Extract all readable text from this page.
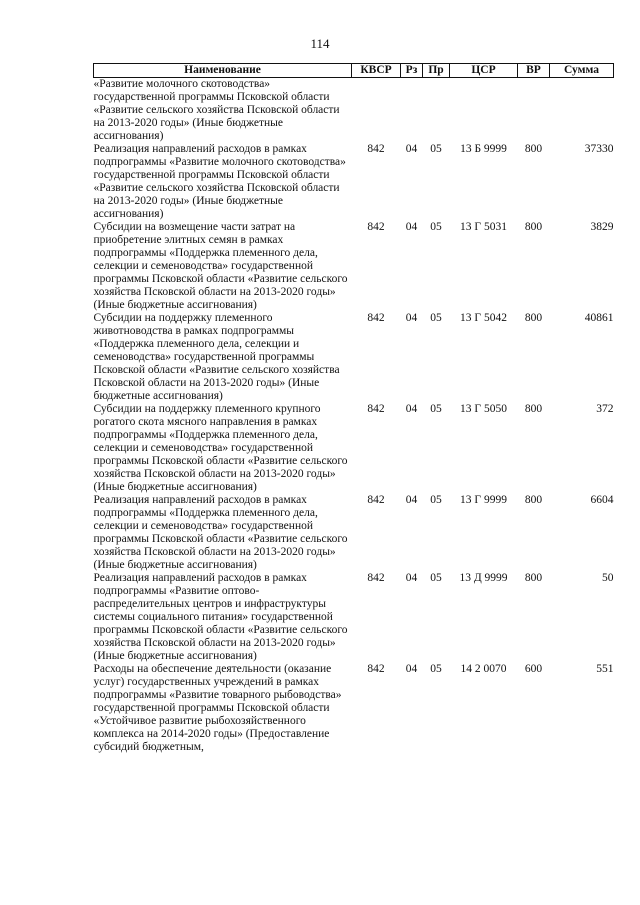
114
Наименование	КВСР	Рз	Пр	ЦСР	ВР	Сумма
«Развитие молочного скотоводства» государственной программы Псковской области «Развитие сельского хозяйства Псковской области на 2013-2020 годы» (Иные бюджетные ассигнования)						
Реализация направлений расходов в рамках подпрограммы «Развитие молочного скотоводства» государственной программы Псковской области «Развитие сельского хозяйства Псковской области на 2013-2020 годы» (Иные бюджетные ассигнования)	842	04	05	13 Б 9999	800	37330
Субсидии на возмещение части затрат на приобретение элитных семян в рамках подпрограммы «Поддержка племенного дела, селекции и семеноводства» государственной программы Псковской области «Развитие сельского хозяйства Псковской области на 2013-2020 годы» (Иные бюджетные ассигнования)	842	04	05	13 Г 5031	800	3829
Субсидии на поддержку племенного животноводства в рамках подпрограммы «Поддержка племенного дела, селекции и семеноводства» государственной программы Псковской области «Развитие сельского хозяйства Псковской области на 2013-2020 годы» (Иные бюджетные ассигнования)	842	04	05	13 Г 5042	800	40861
Субсидии на поддержку племенного крупного рогатого скота мясного направления в рамках подпрограммы «Поддержка племенного дела, селекции и семеноводства» государственной программы Псковской области «Развитие сельского хозяйства Псковской области на 2013-2020 годы» (Иные бюджетные ассигнования)	842	04	05	13 Г 5050	800	372
Реализация направлений расходов в рамках подпрограммы «Поддержка племенного дела, селекции и семеноводства» государственной программы Псковской области «Развитие сельского хозяйства Псковской области на 2013-2020 годы» (Иные бюджетные ассигнования)	842	04	05	13 Г 9999	800	6604
Реализация направлений расходов в рамках подпрограммы «Развитие оптово-распределительных центров и инфраструктуры системы социального питания» государственной программы Псковской области «Развитие сельского хозяйства Псковской области на 2013-2020 годы» (Иные бюджетные ассигнования)	842	04	05	13 Д 9999	800	50
Расходы на обеспечение деятельности (оказание услуг) государственных учреждений в рамках подпрограммы «Развитие товарного рыбоводства» государственной программы Псковской области «Устойчивое развитие рыбохозяйственного комплекса на 2014-2020 годы» (Предоставление субсидий бюджетным,	842	04	05	14 2 0070	600	551
